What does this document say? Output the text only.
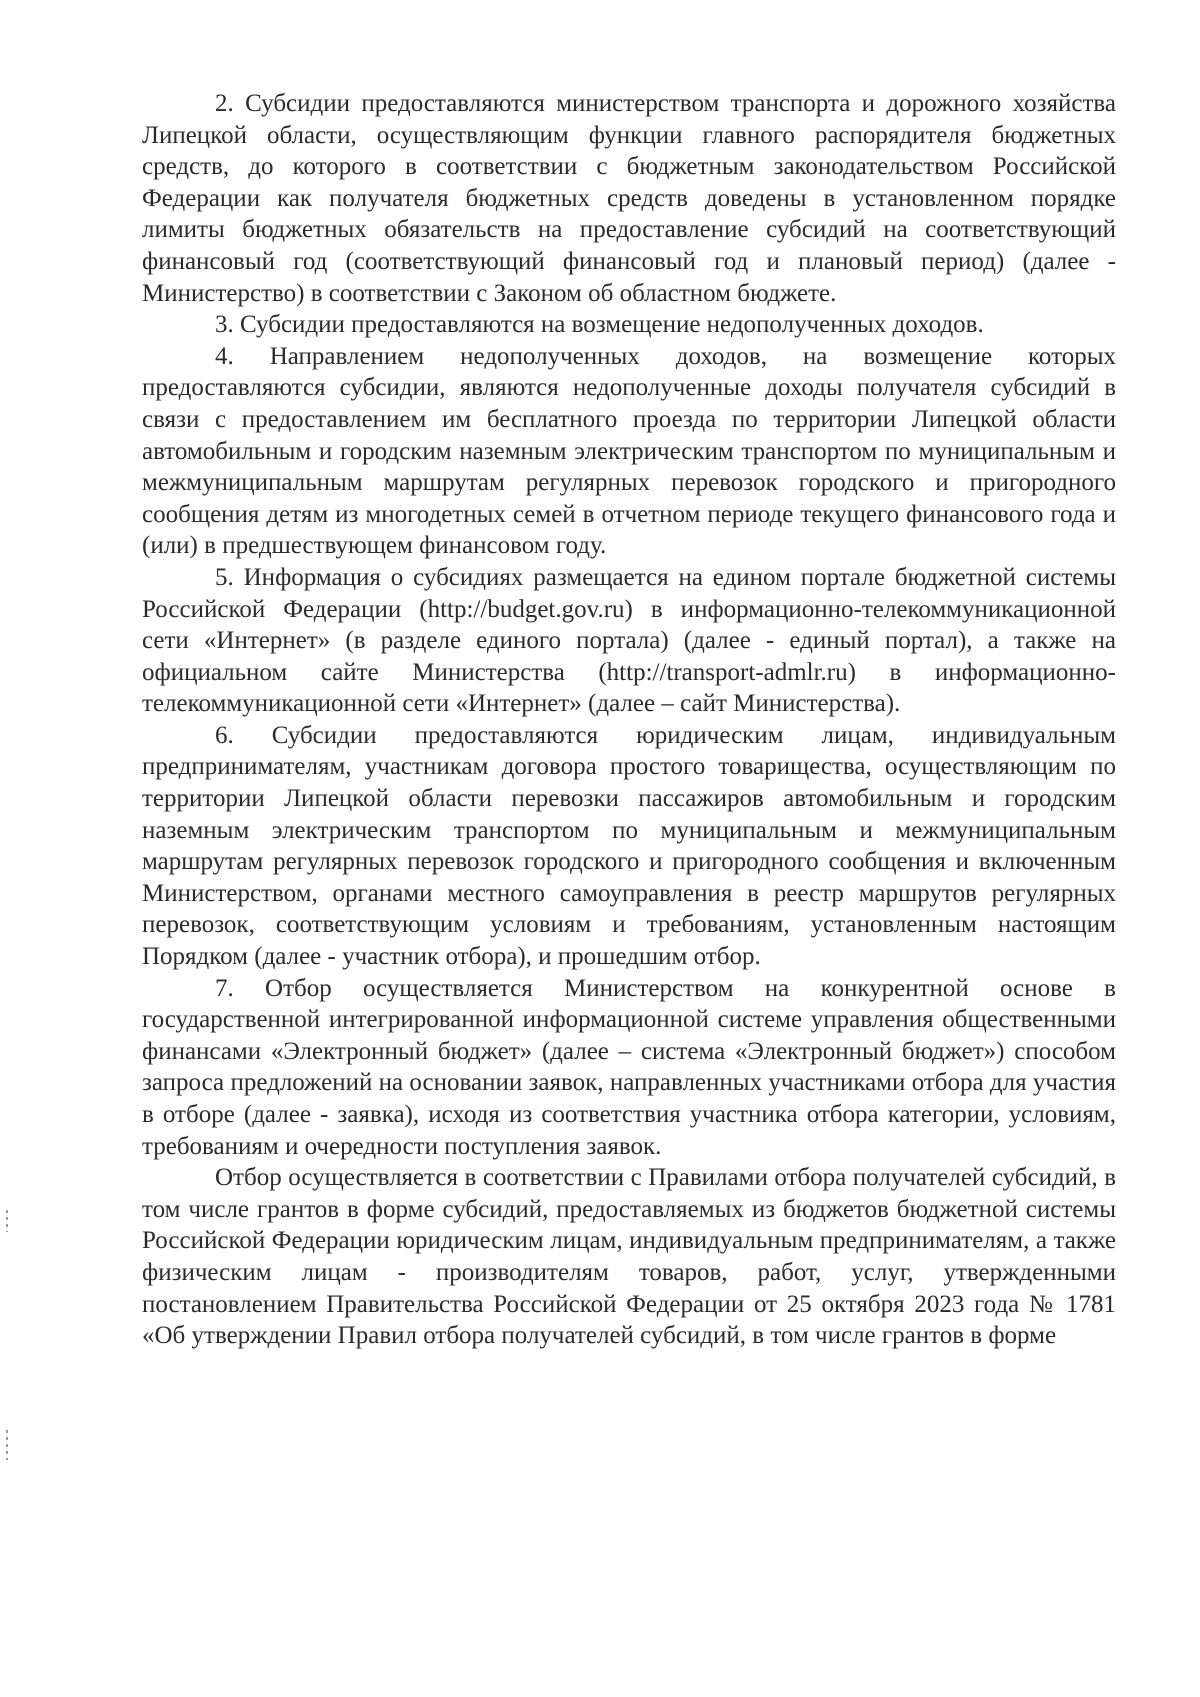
2. Субсидии предоставляются министерством транспорта и дорожного хозяйства Липецкой области, осуществляющим функции главного распорядителя бюджетных средств, до которого в соответствии с бюджетным законодательством Российской Федерации как получателя бюджетных средств доведены в установленном порядке лимиты бюджетных обязательств на предоставление субсидий на соответствующий финансовый год (соответствующий финансовый год и плановый период) (далее - Министерство) в соответствии с Законом об областном бюджете.

3. Субсидии предоставляются на возмещение недополученных доходов.

4. Направлением недополученных доходов, на возмещение которых предоставляются субсидии, являются недополученные доходы получателя субсидий в связи с предоставлением им бесплатного проезда по территории Липецкой области автомобильным и городским наземным электрическим транспортом по муниципальным и межмуниципальным маршрутам регулярных перевозок городского и пригородного сообщения детям из многодетных семей в отчетном периоде текущего финансового года и (или) в предшествующем финансовом году.

5. Информация о субсидиях размещается на едином портале бюджетной системы Российской Федерации (http://budget.gov.ru) в информационно-телекоммуникационной сети «Интернет» (в разделе единого портала) (далее - единый портал), а также на официальном сайте Министерства (http://transport-admlr.ru) в информационно-телекоммуникационной сети «Интернет» (далее – сайт Министерства).

6. Субсидии предоставляются юридическим лицам, индивидуальным предпринимателям, участникам договора простого товарищества, осуществляющим по территории Липецкой области перевозки пассажиров автомобильным и городским наземным электрическим транспортом по муниципальным и межмуниципальным маршрутам регулярных перевозок городского и пригородного сообщения и включенным Министерством, органами местного самоуправления в реестр маршрутов регулярных перевозок, соответствующим условиям и требованиям, установленным настоящим Порядком (далее - участник отбора), и прошедшим отбор.

7. Отбор осуществляется Министерством на конкурентной основе в государственной интегрированной информационной системе управления общественными финансами «Электронный бюджет» (далее – система «Электронный бюджет») способом запроса предложений на основании заявок, направленных участниками отбора для участия в отборе (далее - заявка), исходя из соответствия участника отбора категории, условиям, требованиям и очередности поступления заявок.

Отбор осуществляется в соответствии с Правилами отбора получателей субсидий, в том числе грантов в форме субсидий, предоставляемых из бюджетов бюджетной системы Российской Федерации юридическим лицам, индивидуальным предпринимателям, а также физическим лицам - производителям товаров, работ, услуг, утвержденными постановлением Правительства Российской Федерации от 25 октября 2023 года № 1781 «Об утверждении Правил отбора получателей субсидий, в том числе грантов в форме
